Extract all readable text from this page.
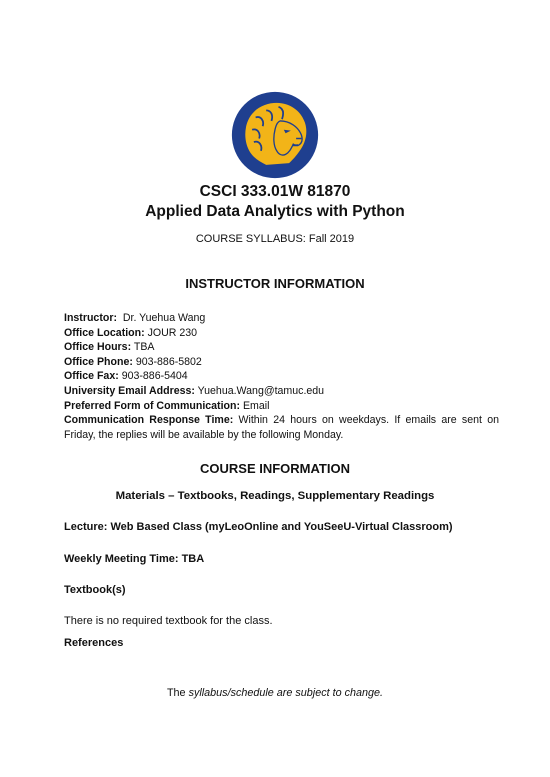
CSCI 333.01W 81870
Applied Data Analytics with Python

COURSE SYLLABUS: Fall 2019

INSTRUCTOR INFORMATION
Instructor: Dr. Yuehua Wang
Office Location: JOUR 230
Office Hours: TBA
Office Phone: 903-886-5802
Office Fax: 903-886-5404
University Email Address: Yuehua.Wang@tamuc.edu
Preferred Form of Communication: Email
Communication Response Time: Within 24 hours on weekdays. If emails are sent on Friday, the replies will be available by the following Monday.
COURSE INFORMATION
Materials – Textbooks, Readings, Supplementary Readings

Lecture: Web Based Class (myLeoOnline and YouSeeU-Virtual Classroom)

Weekly Meeting Time: TBA

Textbook(s)

There is no required textbook for the class.

References

The syllabus/schedule are subject to change.
